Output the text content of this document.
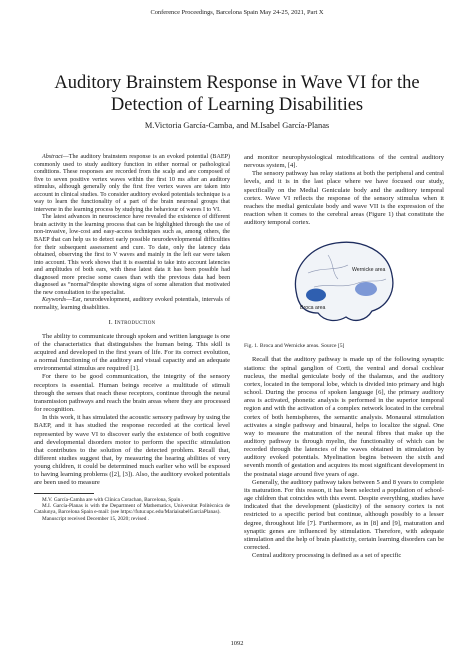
Conference Proceedings, Barcelona Spain May 24-25, 2021, Part X
Auditory Brainstem Response in Wave VI for the Detection of Learning Disabilities
M.Victoria García-Camba, and M.Isabel García-Planas

Abstract—The auditory brainstem response is an evoked potential (BAEP) commonly used to study auditory function in either normal or pathological conditions. These responses are recorded from the scalp and are composed of five to seven positive vertex waves within the first 10 ms after an auditory stimulus, although generally only the first five vertex waves are taken into account in clinical studies. To consider auditory evoked potentials technique is a way to learn the functionality of a part of the brain neuronal groups that intervene in the learning process by studying the behaviour of waves I to VI.

The latest advances in neuroscience have revealed the existence of different brain activity in the learning process that can be highlighted through the use of non-invasive, low-cost and easy-access techniques such as, among others, the BAEP that can help us to detect early possible neurodevelopmental difficulties for their subsequent assessment and cure. To date, only the latency data obtained, observing the first to V waves and mainly in the left ear were taken into account. This work shows that it is essential to take into account latencies and amplitudes of both ears, with these latest data it has been possible had diagnosed more precise some cases than with the previous data had been diagnosed as “normal”despite showing signs of some alteration that motivated the new consultation to the specialist.

Keywords—Ear, neurodevelopment, auditory evoked potentials, intervals of normality, learning disabilities.

I. Introduction

The ability to communicate through spoken and written language is one of the characteristics that distinguishes the human being. This skill is acquired and developed in the first years of life. For its correct evolution, a normal functioning of the auditory and visual capacity and an adequate environmental stimulus are required [1].

For there to be good communication, the integrity of the sensory receptors is essential. Human beings receive a multitude of stimuli through the senses that reach these receptors, continue through the neural transmission pathways and reach the brain areas where they are processed for recognition.

In this work, it has simulated the acoustic sensory pathway by using the BAEP, and it has studied the response recorded at the cortical level represented by wave VI to discover early the existence of both cognitive and developmental disorders motor to perform the specific stimulation that contributes to the solution of the detected problem. Recall that, different studies suggest that, by measuring the hearing abilities of very young children, it could be determined much earlier who will be exposed to having learning problems ([2], [3]). Also, the auditory evoked potentials are been used to measure

M.V. García-Camba are with Clínica Corachan, Barcelona, Spain .

M.I. García-Planas is with the Department of Mathematics, Universitat Politècnica de Catalunya, Barcelona Spain e-mail: (see https://futur.upc.edu/MariaisabelGarciaPlanas).

Manuscript received December 15, 2020; revised .

and monitor neurophysiological mtodifications of the central auditory nervous system, [4].

The sensory pathway has relay stations at both the peripheral and central levels, and it is in the last place where we have focused our study, specifically on the Medial Geniculate body and the auditory temporal cortex. Wave VI reflects the response of the sensory stimulus when it reaches the medial geniculate body and wave VII is the expression of the reaction when it comes to the cerebral areas (Figure 1) that constitute the auditory temporal cortex.

Wernicke area
Broca area
Fig. 1. Broca and Wernicke areas. Source [5]

Recall that the auditory pathway is made up of the following synaptic stations: the spinal ganglion of Corti, the ventral and dorsal cochlear nucleus, the medial geniculate body of the thalamus, and the auditory cortex, located in the temporal lobe, which is divided into primary and high school. During the process of spoken language [6], the primary auditory area is activated, phonetic analysis is performed in the superior temporal region and with the activation of a complex network located in the cerebral cortex of both hemispheres, the semantic analysis. Monaural stimulation activates a single pathway and binaural, helps to localize the signal. One way to measure the maturation of the neural fibres that make up the auditory pathway is through myelin, the functionality of which can be recorded through the latencies of the waves obtained in stimulation by auditory evoked potentials. Myelination begins between the sixth and seventh month of gestation and acquires its most significant development in the postnatal stage around five years of age.

Generally, the auditory pathway takes between 5 and 8 years to complete its maturation. For this reason, it has been selected a population of school-age children that coincides with this event. Despite everything, studies have indicated that the development (plasticity) of the sensory cortex is not restricted to a specific period but continue, although possibly to a lesser degree, throughout life [7]. Furthermore, as in [8] and [9], maturation and synaptic genes are influenced by stimulation. Therefore, with adequate stimulation and the help of brain plasticity, certain learning disorders can be corrected.

Central auditory processing is defined as a set of specific

1092
